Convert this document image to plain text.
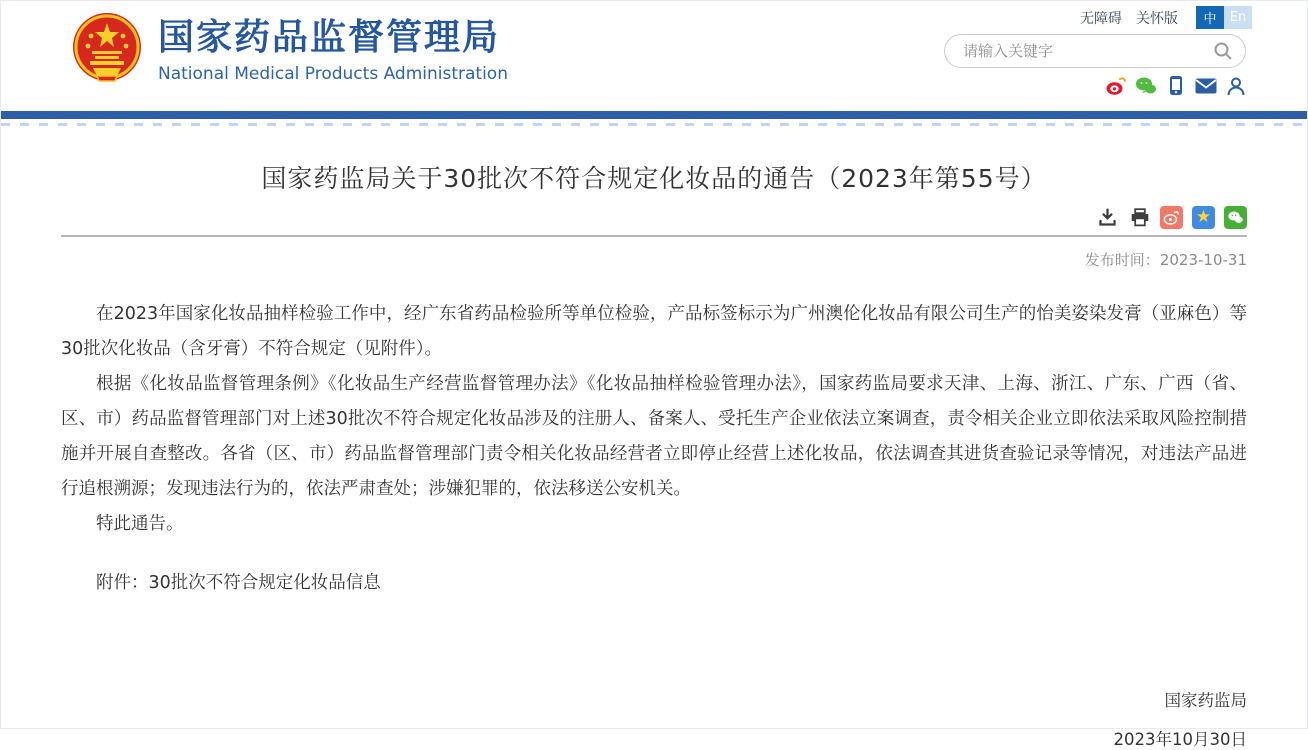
无障碍 关怀版	中	En
国家药品监督管理局
National Medical Products Administration
请输入关键字
国家药监局关于30批次不符合规定化妆品的通告（2023年第55号）
★
发布时间：2023-10-31

在2023年国家化妆品抽样检验工作中，经广东省药品检验所等单位检验，产品标签标示为广州澳伦化妆品有限公司生产的怡美姿染发膏（亚麻色）等30批次化妆品（含牙膏）不符合规定（见附件）。

根据《化妆品监督管理条例》《化妆品生产经营监督管理办法》《化妆品抽样检验管理办法》，国家药监局要求天津、上海、浙江、广东、广西（省、区、市）药品监督管理部门对上述30批次不符合规定化妆品涉及的注册人、备案人、受托生产企业依法立案调查，责令相关企业立即依法采取风险控制措施并开展自查整改。各省（区、市）药品监督管理部门责令相关化妆品经营者立即停止经营上述化妆品，依法调查其进货查验记录等情况，对违法产品进行追根溯源；发现违法行为的，依法严肃查处；涉嫌犯罪的，依法移送公安机关。

特此通告。

附件：30批次不符合规定化妆品信息
国家药监局
2023年10月30日
